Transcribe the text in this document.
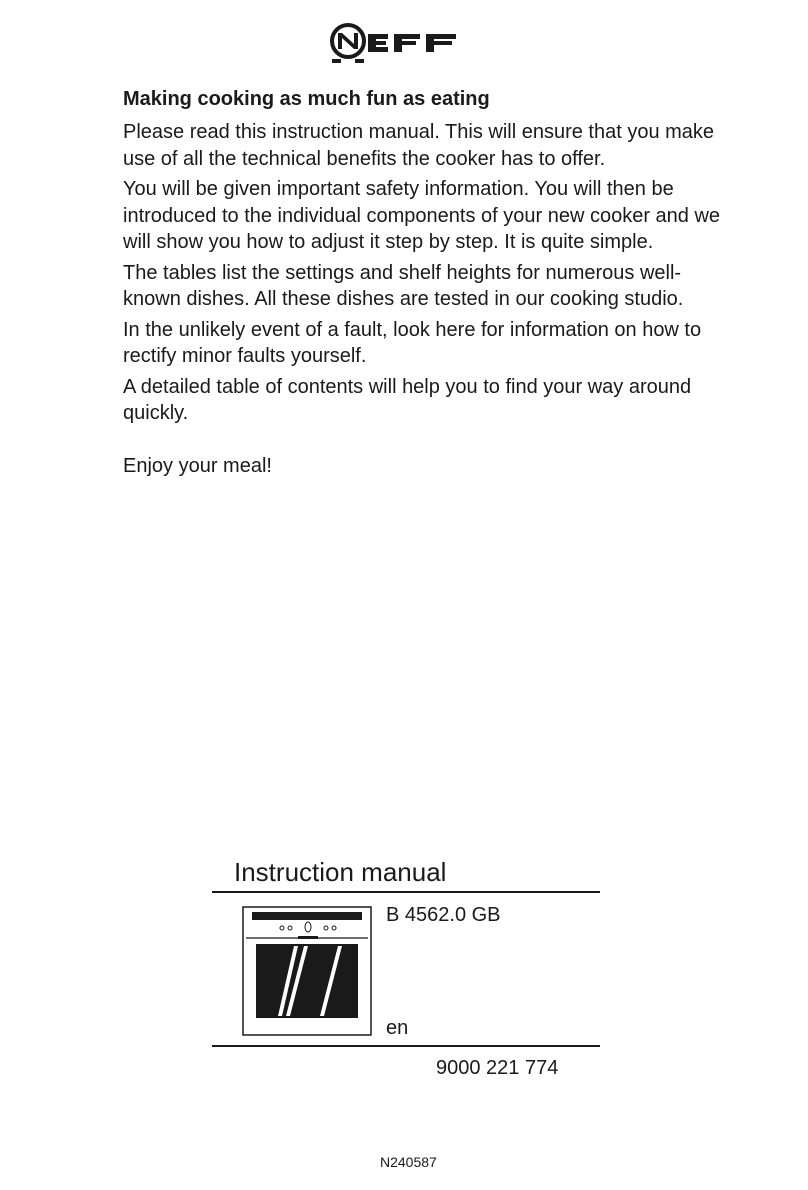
Making cooking as much fun as eating
Please read this instruction manual. This will ensure that you make use of all the technical benefits the cooker has to offer.
You will be given important safety information. You will then be introduced to the individual components of your new cooker and we will show you how to adjust it step by step. It is quite simple.
The tables list the settings and shelf heights for numerous well-known dishes. All these dishes are tested in our cooking studio.
In the unlikely event of a fault, look here for information on how to rectify minor faults yourself.
A detailed table of contents will help you to find your way around quickly.
Enjoy your meal!
Instruction manual
B 4562.0 GB
en
9000 221 774
N240587
